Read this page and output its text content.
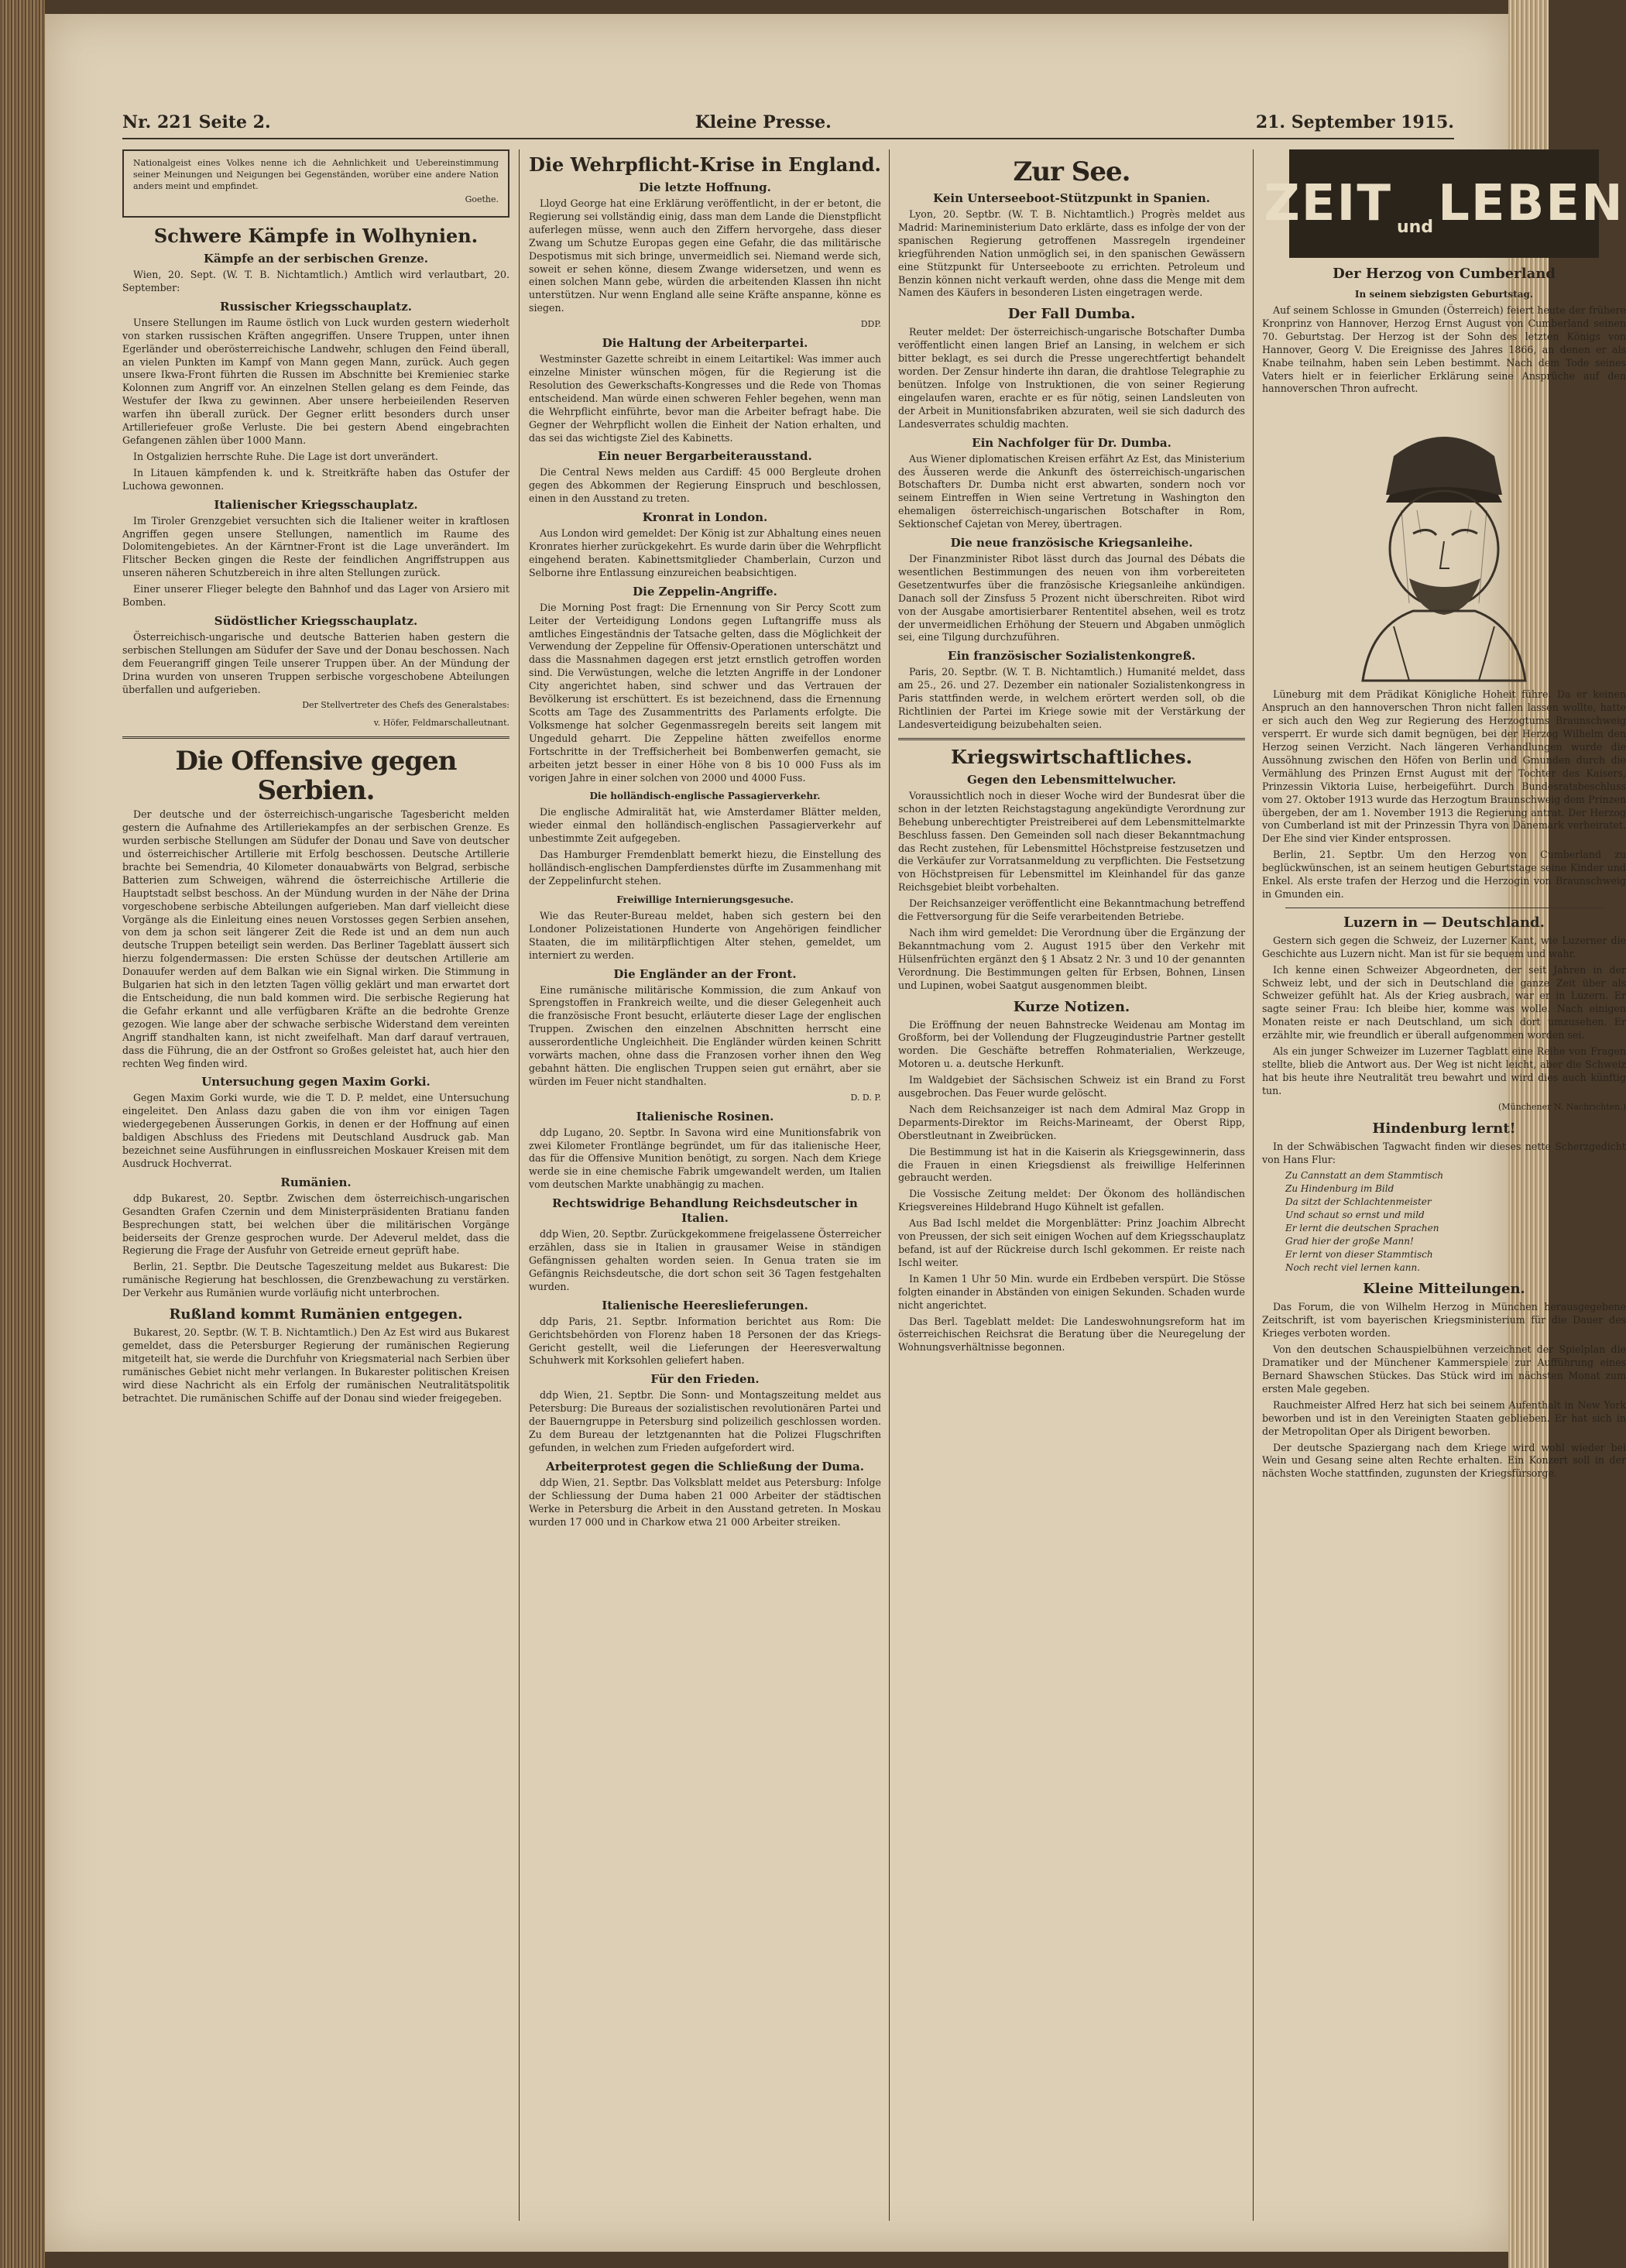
Nr. 221 Seite 2.	Kleine Presse.	21. September 1915.
Nationalgeist eines Volkes nenne ich die Aehnlichkeit und Uebereinstimmung seiner Meinungen und Neigungen bei Gegenständen, worüber eine andere Nation anders meint und empfindet.
Goethe.
Schwere Kämpfe in Wolhynien.
Kämpfe an der serbischen Grenze.

Wien, 20. Sept. (W. T. B. Nichtamtlich.) Amtlich wird verlautbart, 20. September:

Russischer Kriegsschauplatz.

Unsere Stellungen im Raume östlich von Luck wurden gestern wiederholt von starken russischen Kräften angegriffen. Unsere Truppen, unter ihnen Egerländer und oberösterreichische Landwehr, schlugen den Feind überall, an vielen Punkten im Kampf von Mann gegen Mann, zurück. Auch gegen unsere Ikwa-Front führten die Russen im Abschnitte bei Kremieniec starke Kolonnen zum Angriff vor. An einzelnen Stellen gelang es dem Feinde, das Westufer der Ikwa zu gewinnen. Aber unsere herbeieilenden Reserven warfen ihn überall zurück. Der Gegner erlitt besonders durch unser Artilleriefeuer große Verluste. Die bei gestern Abend eingebrachten Gefangenen zählen über 1000 Mann.

In Ostgalizien herrschte Ruhe. Die Lage ist dort unverändert.

In Litauen kämpfenden k. und k. Streitkräfte haben das Ostufer der Luchowa gewonnen.

Italienischer Kriegsschauplatz.

Im Tiroler Grenzgebiet versuchten sich die Italiener weiter in kraftlosen Angriffen gegen unsere Stellungen, namentlich im Raume des Dolomitengebietes. An der Kärntner-Front ist die Lage unverändert. Im Flitscher Becken gingen die Reste der feindlichen Angriffstruppen aus unseren näheren Schutzbereich in ihre alten Stellungen zurück.

Einer unserer Flieger belegte den Bahnhof und das Lager von Arsiero mit Bomben.

Südöstlicher Kriegsschauplatz.

Österreichisch-ungarische und deutsche Batterien haben gestern die serbischen Stellungen am Südufer der Save und der Donau beschossen. Nach dem Feuerangriff gingen Teile unserer Truppen über. An der Mündung der Drina wurden von unseren Truppen serbische vorgeschobene Abteilungen überfallen und aufgerieben.

Der Stellvertreter des Chefs des Generalstabes:
v. Höfer, Feldmarschalleutnant.
Die Offensive gegen Serbien.

Der deutsche und der österreichisch-ungarische Tagesbericht melden gestern die Aufnahme des Artilleriekampfes an der serbischen Grenze. Es wurden serbische Stellungen am Südufer der Donau und Save von deutscher und österreichischer Artillerie mit Erfolg beschossen. Deutsche Artillerie brachte bei Semendria, 40 Kilometer donauabwärts von Belgrad, serbische Batterien zum Schweigen, während die österreichische Artillerie die Hauptstadt selbst beschoss. An der Mündung wurden in der Nähe der Drina vorgeschobene serbische Abteilungen aufgerieben. Man darf vielleicht diese Vorgänge als die Einleitung eines neuen Vorstosses gegen Serbien ansehen, von dem ja schon seit längerer Zeit die Rede ist und an dem nun auch deutsche Truppen beteiligt sein werden. Das Berliner Tageblatt äussert sich hierzu folgendermassen: Die ersten Schüsse der deutschen Artillerie am Donauufer werden auf dem Balkan wie ein Signal wirken. Die Stimmung in Bulgarien hat sich in den letzten Tagen völlig geklärt und man erwartet dort die Entscheidung, die nun bald kommen wird. Die serbische Regierung hat die Gefahr erkannt und alle verfügbaren Kräfte an die bedrohte Grenze gezogen. Wie lange aber der schwache serbische Widerstand dem vereinten Angriff standhalten kann, ist nicht zweifelhaft. Man darf darauf vertrauen, dass die Führung, die an der Ostfront so Großes geleistet hat, auch hier den rechten Weg finden wird.

Untersuchung gegen Maxim Gorki.

Gegen Maxim Gorki wurde, wie die T. D. P. meldet, eine Untersuchung eingeleitet. Den Anlass dazu gaben die von ihm vor einigen Tagen wiedergegebenen Äusserungen Gorkis, in denen er der Hoffnung auf einen baldigen Abschluss des Friedens mit Deutschland Ausdruck gab. Man bezeichnet seine Ausführungen in einflussreichen Moskauer Kreisen mit dem Ausdruck Hochverrat.

Rumänien.

ddp Bukarest, 20. Septbr. Zwischen dem österreichisch-ungarischen Gesandten Grafen Czernin und dem Ministerpräsidenten Bratianu fanden Besprechungen statt, bei welchen über die militärischen Vorgänge beiderseits der Grenze gesprochen wurde. Der Adeverul meldet, dass die Regierung die Frage der Ausfuhr von Getreide erneut geprüft habe.

Berlin, 21. Septbr. Die Deutsche Tageszeitung meldet aus Bukarest: Die rumänische Regierung hat beschlossen, die Grenzbewachung zu verstärken. Der Verkehr aus Rumänien wurde vorläufig nicht unterbrochen.

Rußland kommt Rumänien entgegen.

Bukarest, 20. Septbr. (W. T. B. Nichtamtlich.) Den Az Est wird aus Bukarest gemeldet, dass die Petersburger Regierung der rumänischen Regierung mitgeteilt hat, sie werde die Durchfuhr von Kriegsmaterial nach Serbien über rumänisches Gebiet nicht mehr verlangen. In Bukarester politischen Kreisen wird diese Nachricht als ein Erfolg der rumänischen Neutralitätspolitik betrachtet. Die rumänischen Schiffe auf der Donau sind wieder freigegeben.

Die Wehrpflicht-Krise in England.
Die letzte Hoffnung.

Lloyd George hat eine Erklärung veröffentlicht, in der er betont, die Regierung sei vollständig einig, dass man dem Lande die Dienstpflicht auferlegen müsse, wenn auch den Ziffern hervorgehe, dass dieser Zwang um Schutze Europas gegen eine Gefahr, die das militärische Despotismus mit sich bringe, unvermeidlich sei. Niemand werde sich, soweit er sehen könne, diesem Zwange widersetzen, und wenn es einen solchen Mann gebe, würden die arbeitenden Klassen ihn nicht unterstützen. Nur wenn England alle seine Kräfte anspanne, könne es siegen.

DDP.
Die Haltung der Arbeiterpartei.

Westminster Gazette schreibt in einem Leitartikel: Was immer auch einzelne Minister wünschen mögen, für die Regierung ist die Resolution des Gewerkschafts-Kongresses und die Rede von Thomas entscheidend. Man würde einen schweren Fehler begehen, wenn man die Wehrpflicht einführte, bevor man die Arbeiter befragt habe. Die Gegner der Wehrpflicht wollen die Einheit der Nation erhalten, und das sei das wichtigste Ziel des Kabinetts.

Ein neuer Bergarbeiterausstand.

Die Central News melden aus Cardiff: 45 000 Bergleute drohen gegen des Abkommen der Regierung Einspruch und beschlossen, einen in den Ausstand zu treten.

Kronrat in London.

Aus London wird gemeldet: Der König ist zur Abhaltung eines neuen Kronrates hierher zurückgekehrt. Es wurde darin über die Wehrpflicht eingehend beraten. Kabinettsmitglieder Chamberlain, Curzon und Selborne ihre Entlassung einzureichen beabsichtigen.

Die Zeppelin-Angriffe.

Die Morning Post fragt: Die Ernennung von Sir Percy Scott zum Leiter der Verteidigung Londons gegen Luftangriffe muss als amtliches Eingeständnis der Tatsache gelten, dass die Möglichkeit der Verwendung der Zeppeline für Offensiv-Operationen unterschätzt und dass die Massnahmen dagegen erst jetzt ernstlich getroffen worden sind. Die Verwüstungen, welche die letzten Angriffe in der Londoner City angerichtet haben, sind schwer und das Vertrauen der Bevölkerung ist erschüttert. Es ist bezeichnend, dass die Ernennung Scotts am Tage des Zusammentritts des Parlaments erfolgte. Die Volksmenge hat solcher Gegenmassregeln bereits seit langem mit Ungeduld geharrt. Die Zeppeline hätten zweifellos enorme Fortschritte in der Treffsicherheit bei Bombenwerfen gemacht, sie arbeiten jetzt besser in einer Höhe von 8 bis 10 000 Fuss als im vorigen Jahre in einer solchen von 2000 und 4000 Fuss.

Die holländisch-englische Passagierverkehr.

Die englische Admiralität hat, wie Amsterdamer Blätter melden, wieder einmal den holländisch-englischen Passagierverkehr auf unbestimmte Zeit aufgegeben.

Das Hamburger Fremdenblatt bemerkt hiezu, die Einstellung des holländisch-englischen Dampferdienstes dürfte im Zusammenhang mit der Zeppelinfurcht stehen.

Freiwillige Internierungsgesuche.

Wie das Reuter-Bureau meldet, haben sich gestern bei den Londoner Polizeistationen Hunderte von Angehörigen feindlicher Staaten, die im militärpflichtigen Alter stehen, gemeldet, um interniert zu werden.

Die Engländer an der Front.

Eine rumänische militärische Kommission, die zum Ankauf von Sprengstoffen in Frankreich weilte, und die dieser Gelegenheit auch die französische Front besucht, erläuterte dieser Lage der englischen Truppen. Zwischen den einzelnen Abschnitten herrscht eine ausserordentliche Ungleichheit. Die Engländer würden keinen Schritt vorwärts machen, ohne dass die Franzosen vorher ihnen den Weg gebahnt hätten. Die englischen Truppen seien gut ernährt, aber sie würden im Feuer nicht standhalten.

D. D. P.
Italienische Rosinen.

ddp Lugano, 20. Septbr. In Savona wird eine Munitionsfabrik von zwei Kilometer Frontlänge begründet, um für das italienische Heer, das für die Offensive Munition benötigt, zu sorgen. Nach dem Kriege werde sie in eine chemische Fabrik umgewandelt werden, um Italien vom deutschen Markte unabhängig zu machen.

Rechtswidrige Behandlung Reichsdeutscher in Italien.

ddp Wien, 20. Septbr. Zurückgekommene freigelassene Österreicher erzählen, dass sie in Italien in grausamer Weise in ständigen Gefängnissen gehalten worden seien. In Genua traten sie im Gefängnis Reichsdeutsche, die dort schon seit 36 Tagen festgehalten wurden.

Italienische Heereslieferungen.

ddp Paris, 21. Septbr. Information berichtet aus Rom: Die Gerichtsbehörden von Florenz haben 18 Personen der das Kriegs-Gericht gestellt, weil die Lieferungen der Heeresverwaltung Schuhwerk mit Korksohlen geliefert haben.

Für den Frieden.

ddp Wien, 21. Septbr. Die Sonn- und Montagszeitung meldet aus Petersburg: Die Bureaus der sozialistischen revolutionären Partei und der Bauerngruppe in Petersburg sind polizeilich geschlossen worden. Zu dem Bureau der letztgenannten hat die Polizei Flugschriften gefunden, in welchen zum Frieden aufgefordert wird.

Arbeiterprotest gegen die Schließung der Duma.

ddp Wien, 21. Septbr. Das Volksblatt meldet aus Petersburg: Infolge der Schliessung der Duma haben 21 000 Arbeiter der städtischen Werke in Petersburg die Arbeit in den Ausstand getreten. In Moskau wurden 17 000 und in Charkow etwa 21 000 Arbeiter streiken.

Zur See.
Kein Unterseeboot-Stützpunkt in Spanien.

Lyon, 20. Septbr. (W. T. B. Nichtamtlich.) Progrès meldet aus Madrid: Marineministerium Dato erklärte, dass es infolge der von der spanischen Regierung getroffenen Massregeln irgendeiner kriegführenden Nation unmöglich sei, in den spanischen Gewässern eine Stützpunkt für Unterseeboote zu errichten. Petroleum und Benzin können nicht verkauft werden, ohne dass die Menge mit dem Namen des Käufers in besonderen Listen eingetragen werde.

Der Fall Dumba.

Reuter meldet: Der österreichisch-ungarische Botschafter Dumba veröffentlicht einen langen Brief an Lansing, in welchem er sich bitter beklagt, es sei durch die Presse ungerechtfertigt behandelt worden. Der Zensur hinderte ihn daran, die drahtlose Telegraphie zu benützen. Infolge von Instruktionen, die von seiner Regierung eingelaufen waren, erachte er es für nötig, seinen Landsleuten von der Arbeit in Munitionsfabriken abzuraten, weil sie sich dadurch des Landesverrates schuldig machten.

Ein Nachfolger für Dr. Dumba.

Aus Wiener diplomatischen Kreisen erfährt Az Est, das Ministerium des Äusseren werde die Ankunft des österreichisch-ungarischen Botschafters Dr. Dumba nicht erst abwarten, sondern noch vor seinem Eintreffen in Wien seine Vertretung in Washington den ehemaligen österreichisch-ungarischen Botschafter in Rom, Sektionschef Cajetan von Merey, übertragen.

Die neue französische Kriegsanleihe.

Der Finanzminister Ribot lässt durch das Journal des Débats die wesentlichen Bestimmungen des neuen von ihm vorbereiteten Gesetzentwurfes über die französische Kriegsanleihe ankündigen. Danach soll der Zinsfuss 5 Prozent nicht überschreiten. Ribot wird von der Ausgabe amortisierbarer Rententitel absehen, weil es trotz der unvermeidlichen Erhöhung der Steuern und Abgaben unmöglich sei, eine Tilgung durchzuführen.

Ein französischer Sozialistenkongreß.

Paris, 20. Septbr. (W. T. B. Nichtamtlich.) Humanité meldet, dass am 25., 26. und 27. Dezember ein nationaler Sozialistenkongress in Paris stattfinden werde, in welchem erörtert werden soll, ob die Richtlinien der Partei im Kriege sowie mit der Verstärkung der Landesverteidigung beizubehalten seien.

Kriegswirtschaftliches.
Gegen den Lebensmittelwucher.

Voraussichtlich noch in dieser Woche wird der Bundesrat über die schon in der letzten Reichstagstagung angekündigte Verordnung zur Behebung unberechtigter Preistreiberei auf dem Lebensmittelmarkte Beschluss fassen. Den Gemeinden soll nach dieser Bekanntmachung das Recht zustehen, für Lebensmittel Höchstpreise festzusetzen und die Verkäufer zur Vorratsanmeldung zu verpflichten. Die Festsetzung von Höchstpreisen für Lebensmittel im Kleinhandel für das ganze Reichsgebiet bleibt vorbehalten.

Der Reichsanzeiger veröffentlicht eine Bekanntmachung betreffend die Fettversorgung für die Seife verarbeitenden Betriebe.

Nach ihm wird gemeldet: Die Verordnung über die Ergänzung der Bekanntmachung vom 2. August 1915 über den Verkehr mit Hülsenfrüchten ergänzt den § 1 Absatz 2 Nr. 3 und 10 der genannten Verordnung. Die Bestimmungen gelten für Erbsen, Bohnen, Linsen und Lupinen, wobei Saatgut ausgenommen bleibt.

Kurze Notizen.

Die Eröffnung der neuen Bahnstrecke Weidenau am Montag im Großform, bei der Vollendung der Flugzeugindustrie Partner gestellt worden. Die Geschäfte betreffen Rohmaterialien, Werkzeuge, Motoren u. a. deutsche Herkunft.

Im Waldgebiet der Sächsischen Schweiz ist ein Brand zu Forst ausgebrochen. Das Feuer wurde gelöscht.

Nach dem Reichsanzeiger ist nach dem Admiral Maz Gropp in Deparments-Direktor im Reichs-Marineamt, der Oberst Ripp, Oberstleutnant in Zweibrücken.

Die Bestimmung ist hat in die Kaiserin als Kriegsgewinnerin, dass die Frauen in einen Kriegsdienst als freiwillige Helferinnen gebraucht werden.

Die Vossische Zeitung meldet: Der Ökonom des holländischen Kriegsvereines Hildebrand Hugo Kühnelt ist gefallen.

Aus Bad Ischl meldet die Morgenblätter: Prinz Joachim Albrecht von Preussen, der sich seit einigen Wochen auf dem Kriegsschauplatz befand, ist auf der Rückreise durch Ischl gekommen. Er reiste nach Ischl weiter.

In Kamen 1 Uhr 50 Min. wurde ein Erdbeben verspürt. Die Stösse folgten einander in Abständen von einigen Sekunden. Schaden wurde nicht angerichtet.

Das Berl. Tageblatt meldet: Die Landeswohnungsreform hat im österreichischen Reichsrat die Beratung über die Neuregelung der Wohnungsverhältnisse begonnen.

ZEIT und LEBEN
Der Herzog von Cumberland
In seinem siebzigsten Geburtstag.

Auf seinem Schlosse in Gmunden (Österreich) feiert heute der frühere Kronprinz von Hannover, Herzog Ernst August von Cumberland seinen 70. Geburtstag. Der Herzog ist der Sohn des letzten Königs von Hannover, Georg V. Die Ereignisse des Jahres 1866, an denen er als Knabe teilnahm, haben sein Leben bestimmt. Nach dem Tode seines Vaters hielt er in feierlicher Erklärung seine Ansprüche auf den hannoverschen Thron aufrecht.

Lüneburg mit dem Prädikat Königliche Hoheit führe. Da er keinen Anspruch an den hannoverschen Thron nicht fallen lassen wollte, hatte er sich auch den Weg zur Regierung des Herzogtums Braunschweig versperrt. Er wurde sich damit begnügen, bei der Herzog Wilhelm den Herzog seinen Verzicht. Nach längeren Verhandlungen wurde die Aussöhnung zwischen den Höfen von Berlin und Gmunden durch die Vermählung des Prinzen Ernst August mit der Tochter des Kaisers, Prinzessin Viktoria Luise, herbeigeführt. Durch Bundesratsbeschluss vom 27. Oktober 1913 wurde das Herzogtum Braunschweig dem Prinzen übergeben, der am 1. November 1913 die Regierung antrat. Der Herzog von Cumberland ist mit der Prinzessin Thyra von Dänemark verheiratet. Der Ehe sind vier Kinder entsprossen.

Berlin, 21. Septbr. Um den Herzog von Cumberland zu beglückwünschen, ist an seinem heutigen Geburtstage seine Kinder und Enkel. Als erste trafen der Herzog und die Herzogin von Braunschweig in Gmunden ein.

Luzern in — Deutschland.

Gestern sich gegen die Schweiz, der Luzerner Kant, wie Luzerner die Geschichte aus Luzern nicht. Man ist für sie bequem und wahr.

Ich kenne einen Schweizer Abgeordneten, der seit Jahren in der Schweiz lebt, und der sich in Deutschland die ganze Zeit über als Schweizer gefühlt hat. Als der Krieg ausbrach, war er in Luzern. Er sagte seiner Frau: Ich bleibe hier, komme was wolle. Nach einigen Monaten reiste er nach Deutschland, um sich dort umzusehen. Er erzählte mir, wie freundlich er überall aufgenommen worden sei.

Als ein junger Schweizer im Luzerner Tagblatt eine Reihe von Fragen stellte, blieb die Antwort aus. Der Weg ist nicht leicht, aber die Schweiz hat bis heute ihre Neutralität treu bewahrt und wird dies auch künftig tun.

(Münchener N. Nachrichten.)
Hindenburg lernt!

In der Schwäbischen Tagwacht finden wir dieses nette Scherzgedicht von Hans Flur:

Zu Cannstatt an dem Stammtisch
Zu Hindenburg im Bild
Da sitzt der Schlachtenmeister
Und schaut so ernst und mild
Er lernt die deutschen Sprachen
Grad hier der große Mann!
Er lernt von dieser Stammtisch
Noch recht viel lernen kann.
Kleine Mitteilungen.

Das Forum, die von Wilhelm Herzog in München herausgegebene Zeitschrift, ist vom bayerischen Kriegsministerium für die Dauer des Krieges verboten worden.

Von den deutschen Schauspielbühnen verzeichnet der Spielplan die Dramatiker und der Münchener Kammerspiele zur Aufführung eines Bernard Shawschen Stückes. Das Stück wird im nächsten Monat zum ersten Male gegeben.

Rauchmeister Alfred Herz hat sich bei seinem Aufenthalt in New York beworben und ist in den Vereinigten Staaten geblieben. Er hat sich in der Metropolitan Oper als Dirigent beworben.

Der deutsche Spaziergang nach dem Kriege wird wohl wieder bei Wein und Gesang seine alten Rechte erhalten. Ein Konzert soll in der nächsten Woche stattfinden, zugunsten der Kriegsfürsorge.
